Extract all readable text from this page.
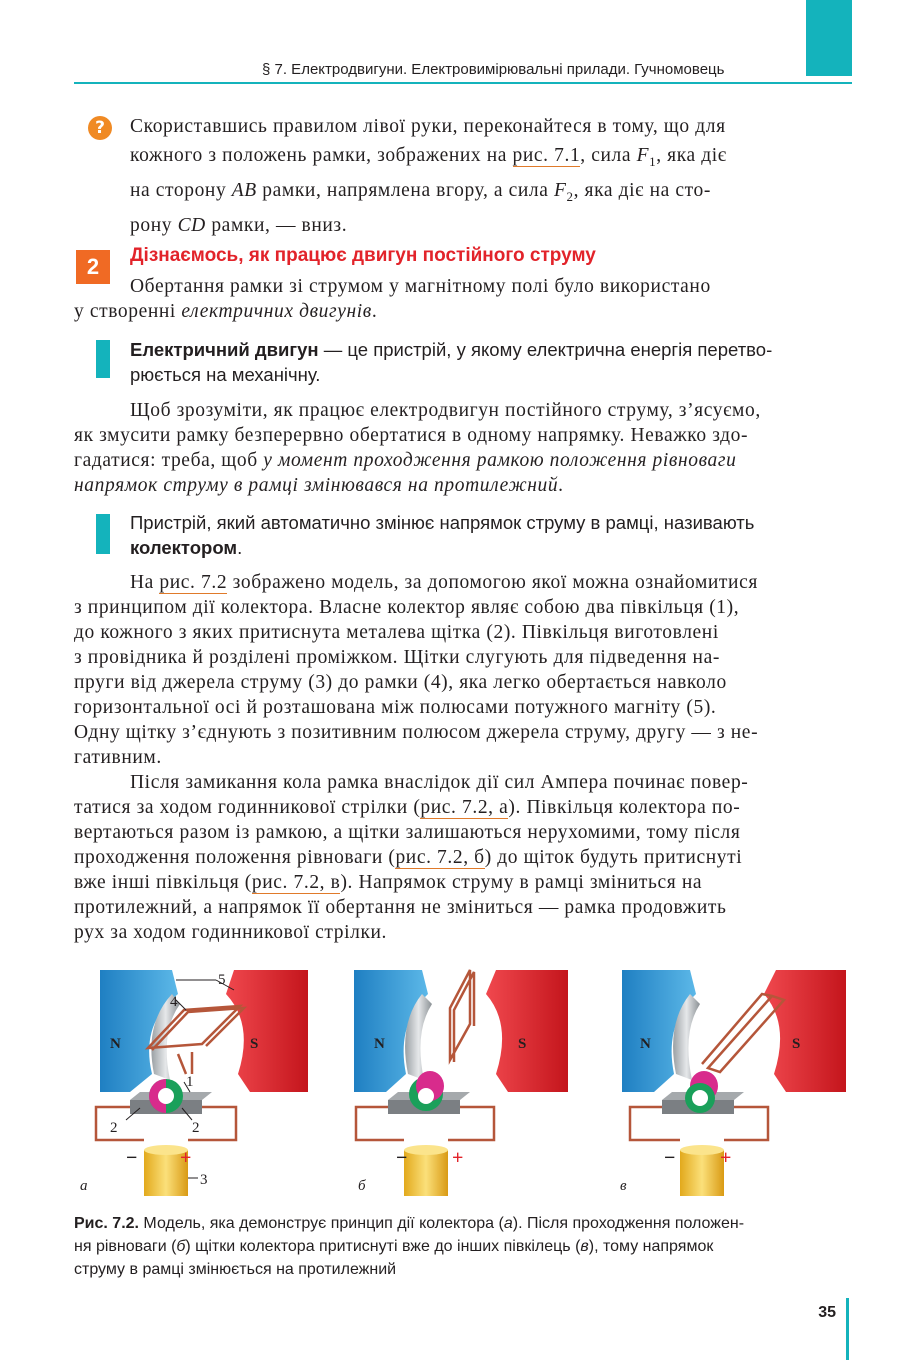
§ 7. Електродвигуни. Електровимірювальні прилади. Гучномовець
?	Скориставшись правилом лівої руки, переконайтеся в тому, що для
кожного з положень рамки, зображених на рис. 7.1, сила $F_1$, яка діє
на сторону AB рамки, напрямлена вгору, а сила $F_2$, яка діє на сто-
рону CD рамки, — вниз.
2	Дізнаємось, як працює двигун постійного струму
Обертання рамки зі струмом у магнітному полі було використано
у створенні електричних двигунів.
Електричний двигун — це пристрій, у якому електрична енергія перетво-
рюється на механічну.
Щоб зрозуміти, як працює електродвигун постійного струму, з’ясуємо,
як змусити рамку безперервно обертатися в одному напрямку. Неважко здо-
гадатися: треба, щоб у момент проходження рамкою положення рівноваги
напрямок струму в рамці змінювався на протилежний.
Пристрій, який автоматично змінює напрямок струму в рамці, називають
колектором.
На рис. 7.2 зображено модель, за допомогою якої можна ознайомитися
з принципом дії колектора. Власне колектор являє собою два півкільця (1),
до кожного з яких притиснута металева щітка (2). Півкільця виготовлені
з провідника й розділені проміжком. Щітки слугують для підведення на-
пруги від джерела струму (3) до рамки (4), яка легко обертається навколо
горизонтальної осі й розташована між полюсами потужного магніту (5).
Одну щітку з’єднують з позитивним полюсом джерела струму, другу — з не-
гативним.
Після замикання кола рамка внаслідок дії сил Ампера починає повер-
татися за ходом годинникової стрілки (рис. 7.2, а). Півкільця колектора по-
вертаються разом із рамкою, а щітки залишаються нерухомими, тому після
проходження положення рівноваги (рис. 7.2, б) до щіток будуть притиснуті
вже інші півкільця (рис. 7.2, в). Напрямок струму в рамці зміниться на
протилежний, а напрямок її обертання не зміниться — рамка продовжить
рух за ходом годинникової стрілки.
N	S
5
4
1
2	2
3
− +
а
N	S
− +
б
N	S
− +
в
Рис. 7.2. Модель, яка демонструє принцип дії колектора (а). Після проходження положен-
ня рівноваги (б) щітки колектора притиснуті вже до інших півкілець (в), тому напрямок
струму в рамці змінюється на протилежний
35
